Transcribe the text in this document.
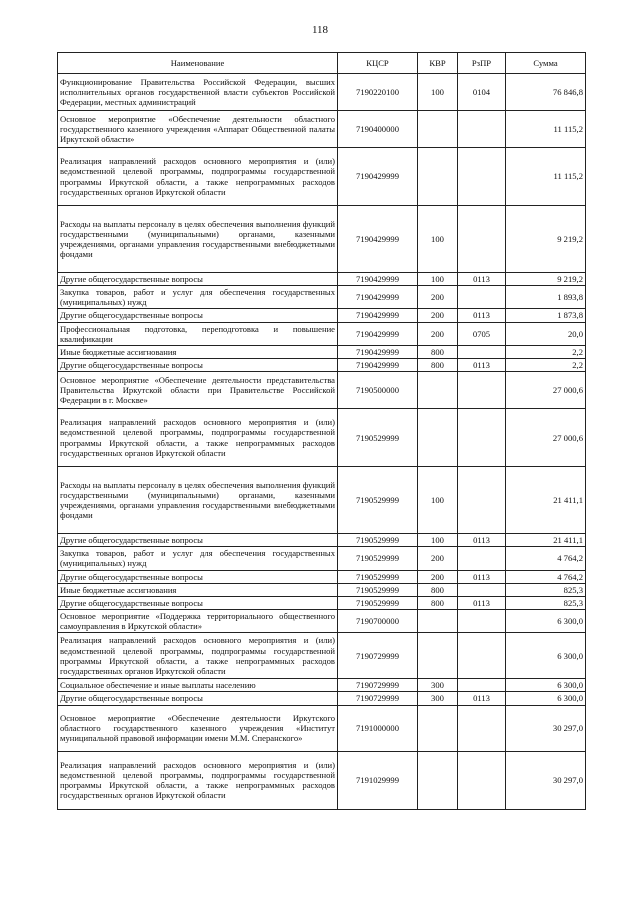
118
Наименование	КЦСР	КВР	РзПР	Сумма
Функционирование Правительства Российской Федерации, высших исполнительных органов государственной власти субъектов Российской Федерации, местных администраций	7190220100	100	0104	76 846,8
Основное мероприятие «Обеспечение деятельности областного государственного казенного учреждения «Аппарат Общественной палаты Иркутской области»	7190400000			11 115,2
Реализация направлений расходов основного мероприятия и (или) ведомственной целевой программы, подпрограммы государственной программы Иркутской области, а также непрограммных расходов государственных органов Иркутской области	7190429999			11 115,2
Расходы на выплаты персоналу в целях обеспечения выполнения функций государственными (муниципальными) органами, казенными учреждениями, органами управления государственными внебюджетными фондами	7190429999	100		9 219,2
Другие общегосударственные вопросы	7190429999	100	0113	9 219,2
Закупка товаров, работ и услуг для обеспечения государственных (муниципальных) нужд	7190429999	200		1 893,8
Другие общегосударственные вопросы	7190429999	200	0113	1 873,8
Профессиональная подготовка, переподготовка и повышение квалификации	7190429999	200	0705	20,0
Иные бюджетные ассигнования	7190429999	800		2,2
Другие общегосударственные вопросы	7190429999	800	0113	2,2
Основное мероприятие «Обеспечение деятельности представительства Правительства Иркутской области при Правительстве Российской Федерации в г. Москве»	7190500000			27 000,6
Реализация направлений расходов основного мероприятия и (или) ведомственной целевой программы, подпрограммы государственной программы Иркутской области, а также непрограммных расходов государственных органов Иркутской области	7190529999			27 000,6
Расходы на выплаты персоналу в целях обеспечения выполнения функций государственными (муниципальными) органами, казенными учреждениями, органами управления государственными внебюджетными фондами	7190529999	100		21 411,1
Другие общегосударственные вопросы	7190529999	100	0113	21 411,1
Закупка товаров, работ и услуг для обеспечения государственных (муниципальных) нужд	7190529999	200		4 764,2
Другие общегосударственные вопросы	7190529999	200	0113	4 764,2
Иные бюджетные ассигнования	7190529999	800		825,3
Другие общегосударственные вопросы	7190529999	800	0113	825,3
Основное мероприятие «Поддержка территориального общественного самоуправления в Иркутской области»	7190700000			6 300,0
Реализация направлений расходов основного мероприятия и (или) ведомственной целевой программы, подпрограммы государственной программы Иркутской области, а также непрограммных расходов государственных органов Иркутской области	7190729999			6 300,0
Социальное обеспечение и иные выплаты населению	7190729999	300		6 300,0
Другие общегосударственные вопросы	7190729999	300	0113	6 300,0
Основное мероприятие «Обеспечение деятельности Иркутского областного государственного казенного учреждения «Институт муниципальной правовой информации имени М.М. Сперанского»	7191000000			30 297,0
Реализация направлений расходов основного мероприятия и (или) ведомственной целевой программы, подпрограммы государственной программы Иркутской области, а также непрограммных расходов государственных органов Иркутской области	7191029999			30 297,0
